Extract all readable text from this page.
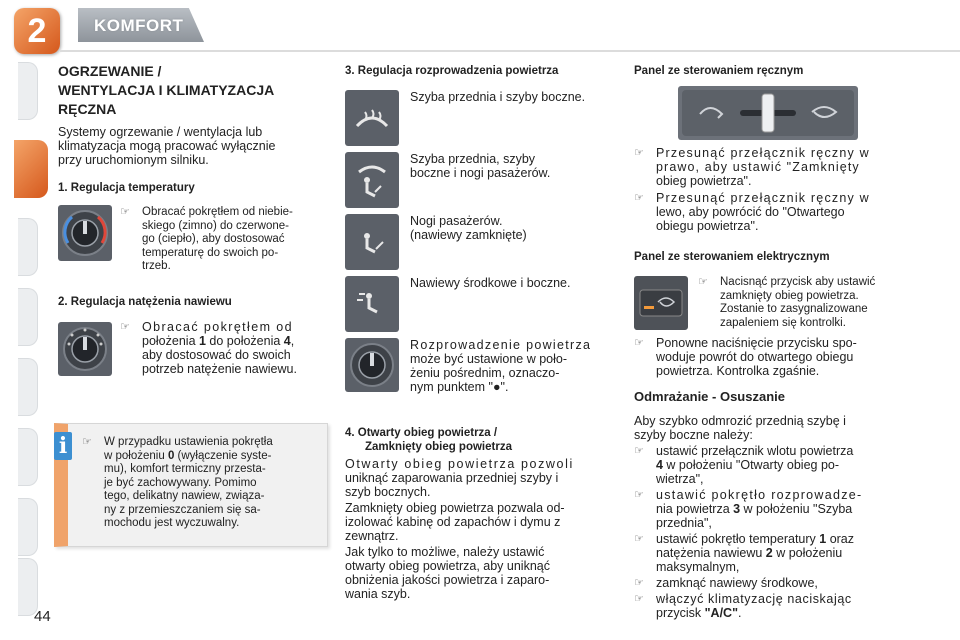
2	KOMFORT
OGRZEWANIE /
WENTYLACJA I KLIMATYZACJA
RĘCZNA
Systemy ogrzewanie / wentylacja lub
klimatyzacja mogą pracować wyłącznie
przy uruchomionym silniku.
1. Regulacja temperatury
☞	Obracać pokrętłem od niebie-
skiego (zimno) do czerwone-
go (ciepło), aby dostosować
temperaturę do swoich po-
trzeb.
2. Regulacja natężenia nawiewu
☞ Obracać pokrętłem od
położenia 1 do położenia 4,
aby dostosować do swoich
potrzeb natężenie nawiewu.
i	☞	W przypadku ustawienia pokrętła
w położeniu 0 (wyłączenie syste-
mu), komfort termiczny przesta-
je być zachowywany. Pomimo
tego, delikatny nawiew, związa-
ny z przemieszczaniem się sa-
mochodu jest wyczuwalny.
3. Regulacja rozprowadzenia powietrza
Szyba przednia i szyby boczne.
Szyba przednia, szyby
boczne i nogi pasażerów.
Nogi pasażerów.
(nawiewy zamknięte)
Nawiewy środkowe i boczne.
Rozprowadzenie powietrza
może być ustawione w poło-
żeniu pośrednim, oznaczo-
nym punktem "●".
4. Otwarty obieg powietrza /
Zamknięty obieg powietrza
Otwarty obieg powietrza pozwoli
uniknąć zaparowania przedniej szyby i
szyb bocznych.
Zamknięty obieg powietrza pozwala od-
izolować kabinę od zapachów i dymu z
zewnątrz.
Jak tylko to możliwe, należy ustawić
otwarty obieg powietrza, aby uniknąć
obniżenia jakości powietrza i zaparo-
wania szyb.
Panel ze sterowaniem ręcznym
☞ Przesunąć przełącznik ręczny w
prawo, aby ustawić "Zamknięty
obieg powietrza".
☞ Przesunąć przełącznik ręczny w
lewo, aby powrócić do "Otwartego
obiegu powietrza".
Panel ze sterowaniem elektrycznym
☞	Nacisnąć przycisk aby ustawić
zamknięty obieg powietrza.
Zostanie to zasygnalizowane
zapaleniem się kontrolki.
☞ Ponowne naciśnięcie przycisku spo-
woduje powrót do otwartego obiegu
powietrza. Kontrolka zgaśnie.
Odmrażanie - Osuszanie
Aby szybko odmrozić przednią szybę i
szyby boczne należy:
☞ ustawić przełącznik wlotu powietrza
4 w położeniu "Otwarty obieg po-
wietrza",
☞ ustawić pokrętło rozprowadze-
nia powietrza 3 w położeniu "Szyba
przednia",
☞ ustawić pokrętło temperatury 1 oraz
natężenia nawiewu 2 w położeniu
maksymalnym,
☞ zamknąć nawiewy środkowe,
☞ włączyć klimatyzację naciskając
przycisk "A/C".
44
